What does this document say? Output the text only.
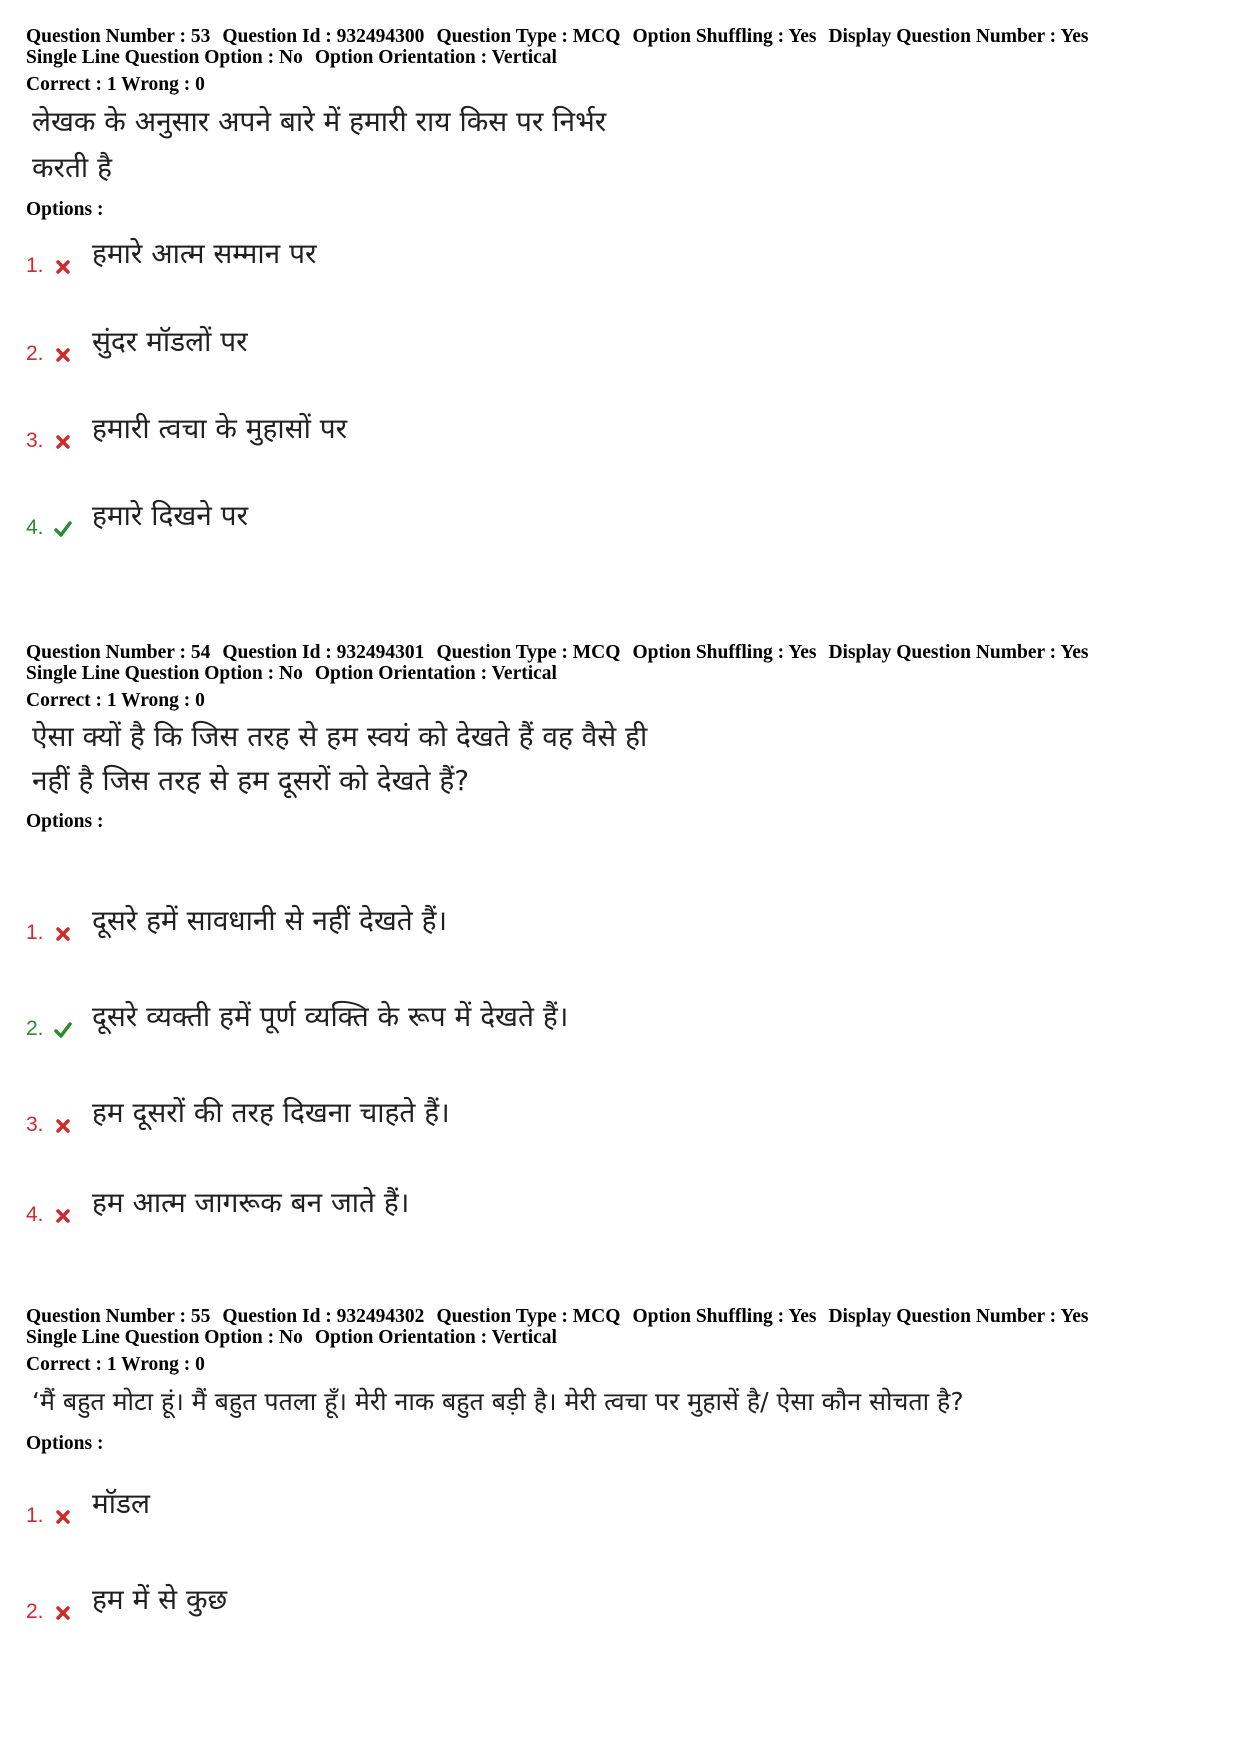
Question Number : 53 Question Id : 932494300 Question Type : MCQ Option Shuffling : Yes Display Question Number : Yes

Single Line Question Option : No Option Orientation : Vertical

Correct : 1 Wrong : 0

लेखक के अनुसार अपने बारे में हमारी राय किस पर निर्भर करती है
Options :
1. हमारे आत्म सम्मान पर
2. सुंदर मॉडलों पर
3. हमारी त्वचा के मुहासों पर
4. हमारे दिखने पर

Question Number : 54 Question Id : 932494301 Question Type : MCQ Option Shuffling : Yes Display Question Number : Yes

Single Line Question Option : No Option Orientation : Vertical

Correct : 1 Wrong : 0

ऐसा क्यों है कि जिस तरह से हम स्वयं को देखते हैं वह वैसे ही नहीं है जिस तरह से हम दूसरों को देखते हैं?
Options :
1. दूसरे हमें सावधानी से नहीं देखते हैं।
2. दूसरे व्यक्ती हमें पूर्ण व्यक्ति के रूप में देखते हैं।
3. हम दूसरों की तरह दिखना चाहते हैं।
4. हम आत्म जागरूक बन जाते हैं।

Question Number : 55 Question Id : 932494302 Question Type : MCQ Option Shuffling : Yes Display Question Number : Yes

Single Line Question Option : No Option Orientation : Vertical

Correct : 1 Wrong : 0

‘मैं बहुत मोटा हूं। मैं बहुत पतला हूँ। मेरी नाक बहुत बड़ी है। मेरी त्वचा पर मुहासें है/ ऐसा कौन सोचता है?
Options :
1. मॉडल
2. हम में से कुछ
